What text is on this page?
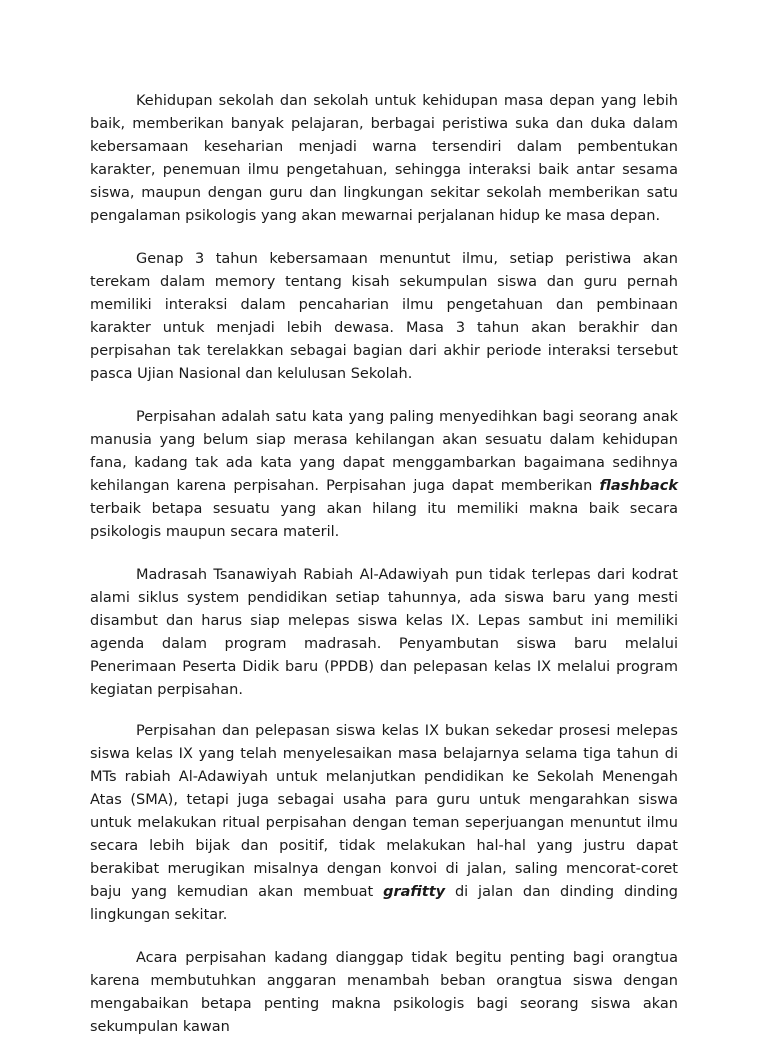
Kehidupan sekolah dan sekolah untuk kehidupan masa depan yang lebih baik, memberikan banyak pelajaran, berbagai peristiwa suka dan duka dalam kebersamaan keseharian menjadi warna tersendiri dalam pembentukan karakter, penemuan ilmu pengetahuan, sehingga interaksi baik antar sesama siswa, maupun dengan guru dan lingkungan sekitar sekolah memberikan satu pengalaman psikologis yang akan mewarnai perjalanan hidup ke masa depan.

Genap 3 tahun kebersamaan menuntut ilmu, setiap peristiwa akan terekam dalam memory tentang kisah sekumpulan siswa dan guru pernah memiliki interaksi dalam pencaharian ilmu pengetahuan dan pembinaan karakter untuk menjadi lebih dewasa. Masa 3 tahun akan berakhir dan perpisahan tak terelakkan sebagai bagian dari akhir periode interaksi tersebut pasca Ujian Nasional dan kelulusan Sekolah.

Perpisahan adalah satu kata yang paling menyedihkan bagi seorang anak manusia yang belum siap merasa kehilangan akan sesuatu dalam kehidupan fana, kadang tak ada kata yang dapat menggambarkan bagaimana sedihnya kehilangan karena perpisahan. Perpisahan juga dapat memberikan flashback terbaik betapa sesuatu yang akan hilang itu memiliki makna baik secara psikologis maupun secara materil.

Madrasah Tsanawiyah Rabiah Al-Adawiyah pun tidak terlepas dari kodrat alami siklus system pendidikan setiap tahunnya, ada siswa baru yang mesti disambut dan harus siap melepas siswa kelas IX. Lepas sambut ini memiliki agenda dalam program madrasah. Penyambutan siswa baru melalui Penerimaan Peserta Didik baru (PPDB) dan pelepasan kelas IX melalui program kegiatan perpisahan.

Perpisahan dan pelepasan siswa kelas IX bukan sekedar prosesi melepas siswa kelas IX yang telah menyelesaikan masa belajarnya selama tiga tahun di MTs rabiah Al-Adawiyah untuk melanjutkan pendidikan ke Sekolah Menengah Atas (SMA), tetapi juga sebagai usaha para guru untuk mengarahkan siswa untuk melakukan ritual perpisahan dengan teman seperjuangan menuntut ilmu secara lebih bijak dan positif, tidak melakukan hal-hal yang justru dapat berakibat merugikan misalnya dengan konvoi di jalan, saling mencorat-coret baju yang kemudian akan membuat grafitty di jalan dan dinding dinding lingkungan sekitar.

Acara perpisahan kadang dianggap tidak begitu penting bagi orangtua karena membutuhkan anggaran menambah beban orangtua siswa dengan mengabaikan betapa penting makna psikologis bagi seorang siswa akan sekumpulan kawan
